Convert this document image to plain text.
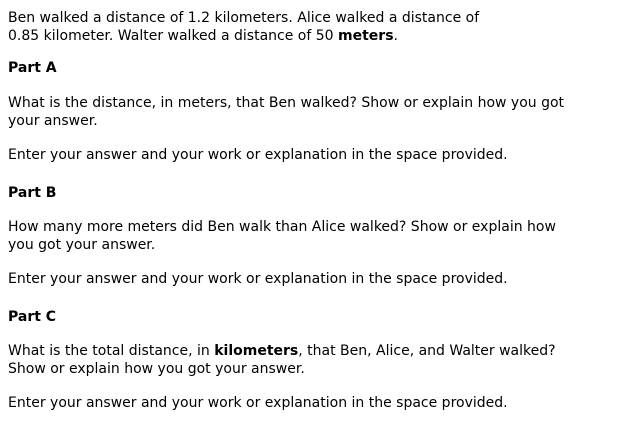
Ben walked a distance of 1.2 kilometers. Alice walked a distance of
0.85 kilometer. Walter walked a distance of 50 meters.

Part A

What is the distance, in meters, that Ben walked? Show or explain how you got
your answer.

Enter your answer and your work or explanation in the space provided.

Part B

How many more meters did Ben walk than Alice walked? Show or explain how
you got your answer.

Enter your answer and your work or explanation in the space provided.

Part C

What is the total distance, in kilometers, that Ben, Alice, and Walter walked?
Show or explain how you got your answer.

Enter your answer and your work or explanation in the space provided.
